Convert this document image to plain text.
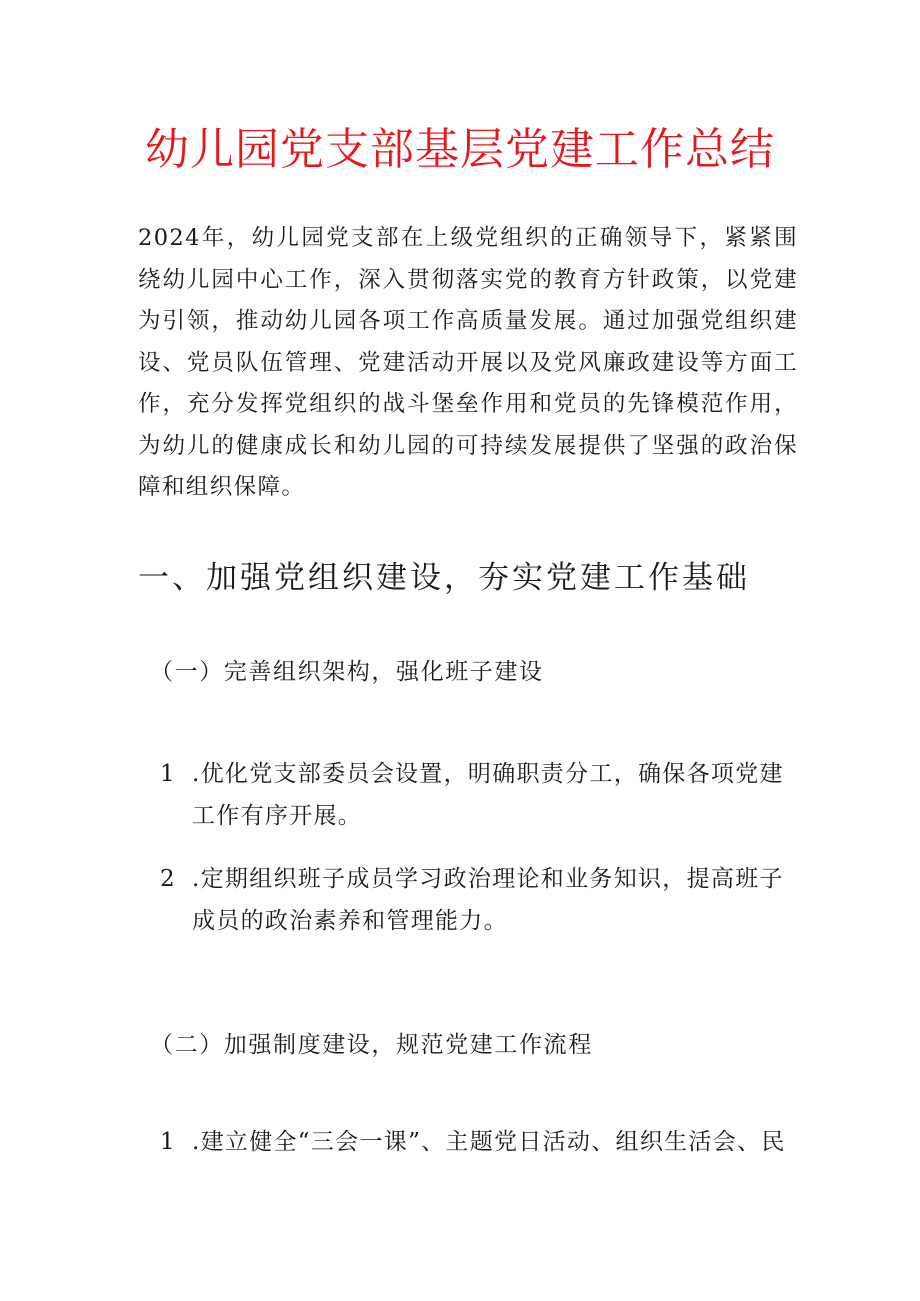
幼儿园党支部基层党建工作总结

2024年，幼儿园党支部在上级党组织的正确领导下，紧紧围绕幼儿园中心工作，深入贯彻落实党的教育方针政策，以党建为引领，推动幼儿园各项工作高质量发展。通过加强党组织建设、党员队伍管理、党建活动开展以及党风廉政建设等方面工作，充分发挥党组织的战斗堡垒作用和党员的先锋模范作用，为幼儿的健康成长和幼儿园的可持续发展提供了坚强的政治保障和组织保障。

一、加强党组织建设，夯实党建工作基础
（一）完善组织架构，强化班子建设

1 .优化党支部委员会设置，明确职责分工，确保各项党建工作有序开展。

2 .定期组织班子成员学习政治理论和业务知识，提高班子成员的政治素养和管理能力。

（二）加强制度建设，规范党建工作流程

1 .建立健全“三会一课”、主题党日活动、组织生活会、民
